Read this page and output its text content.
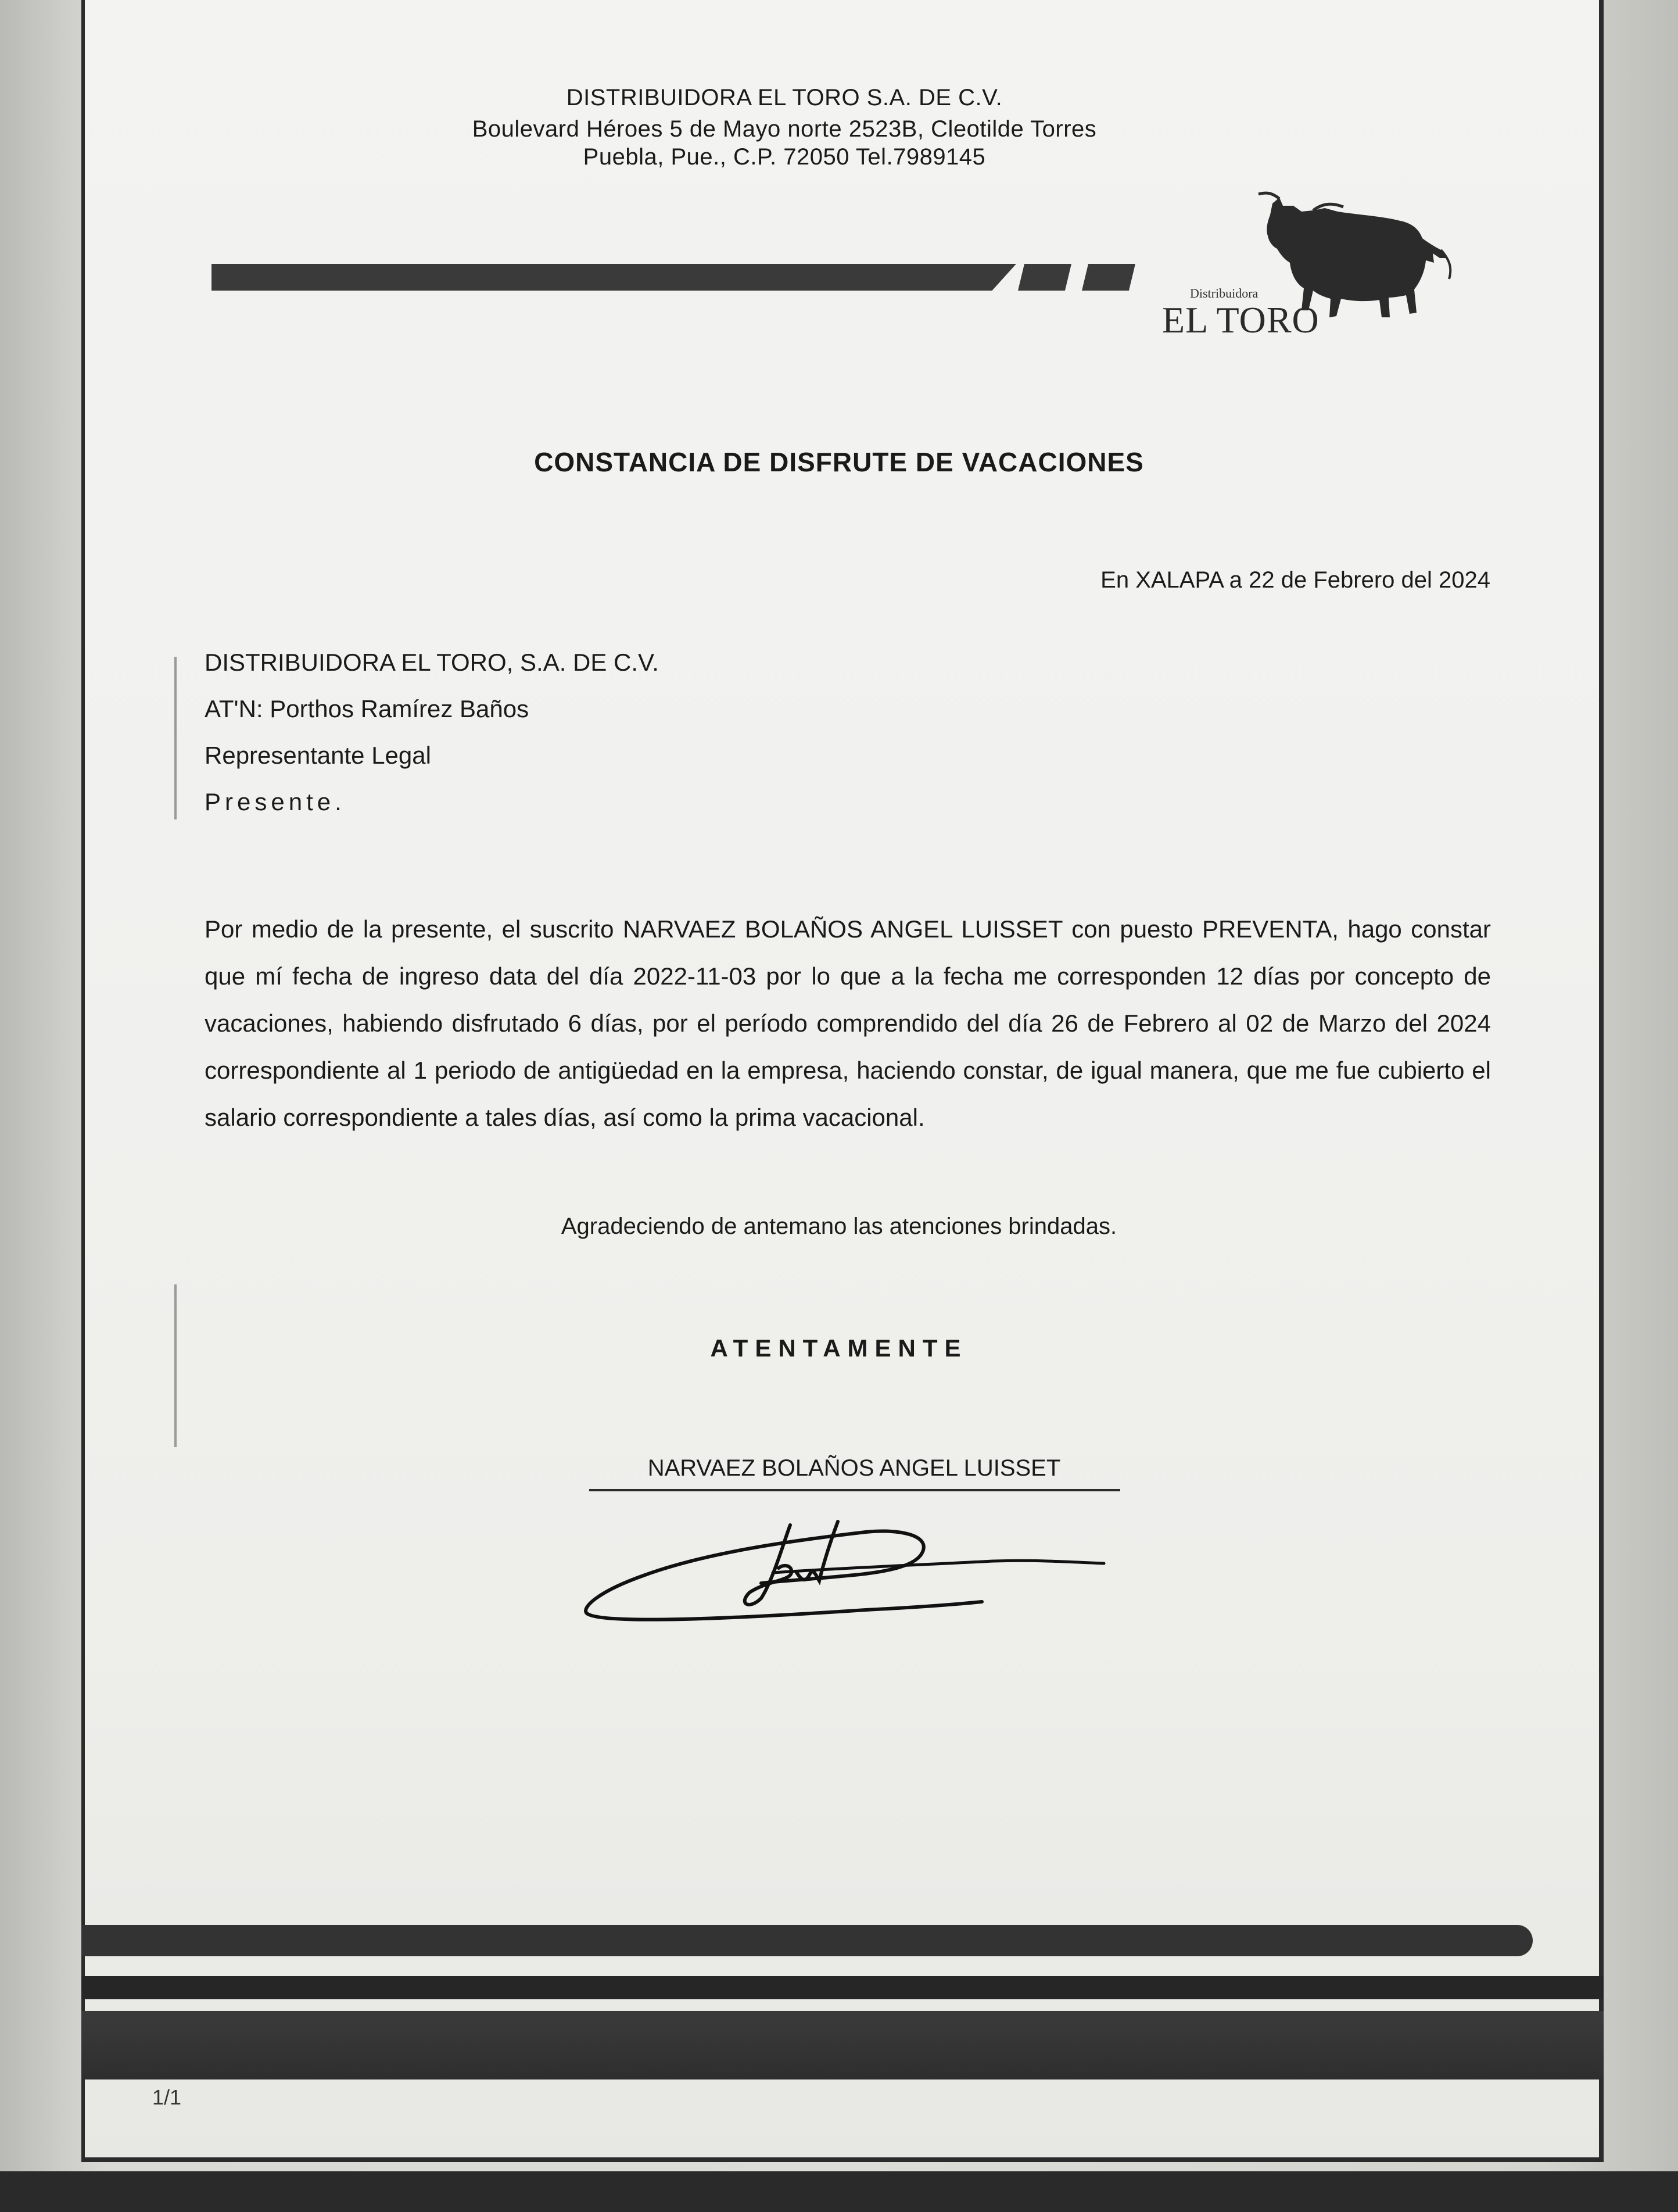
DISTRIBUIDORA EL TORO S.A. DE C.V.
Boulevard Héroes 5 de Mayo norte 2523B, Cleotilde Torres
Puebla, Pue., C.P. 72050 Tel.7989145
Distribuidora
EL TORO
CONSTANCIA DE DISFRUTE DE VACACIONES
En XALAPA a 22 de Febrero del 2024
DISTRIBUIDORA EL TORO, S.A. DE C.V.
AT'N: Porthos Ramírez Baños
Representante Legal
Presente.
Por medio de la presente, el suscrito NARVAEZ BOLAÑOS ANGEL LUISSET con puesto PREVENTA, hago constar que mí fecha de ingreso data del día 2022-11-03 por lo que a la fecha me corresponden 12 días por concepto de vacaciones, habiendo disfrutado 6 días, por el período comprendido del día 26 de Febrero al 02 de Marzo del 2024 correspondiente al 1 periodo de antigüedad en la empresa, haciendo constar, de igual manera, que me fue cubierto el salario correspondiente a tales días, así como la prima vacacional.
Agradeciendo de antemano las atenciones brindadas.
ATENTAMENTE
NARVAEZ BOLAÑOS ANGEL LUISSET
1/1
